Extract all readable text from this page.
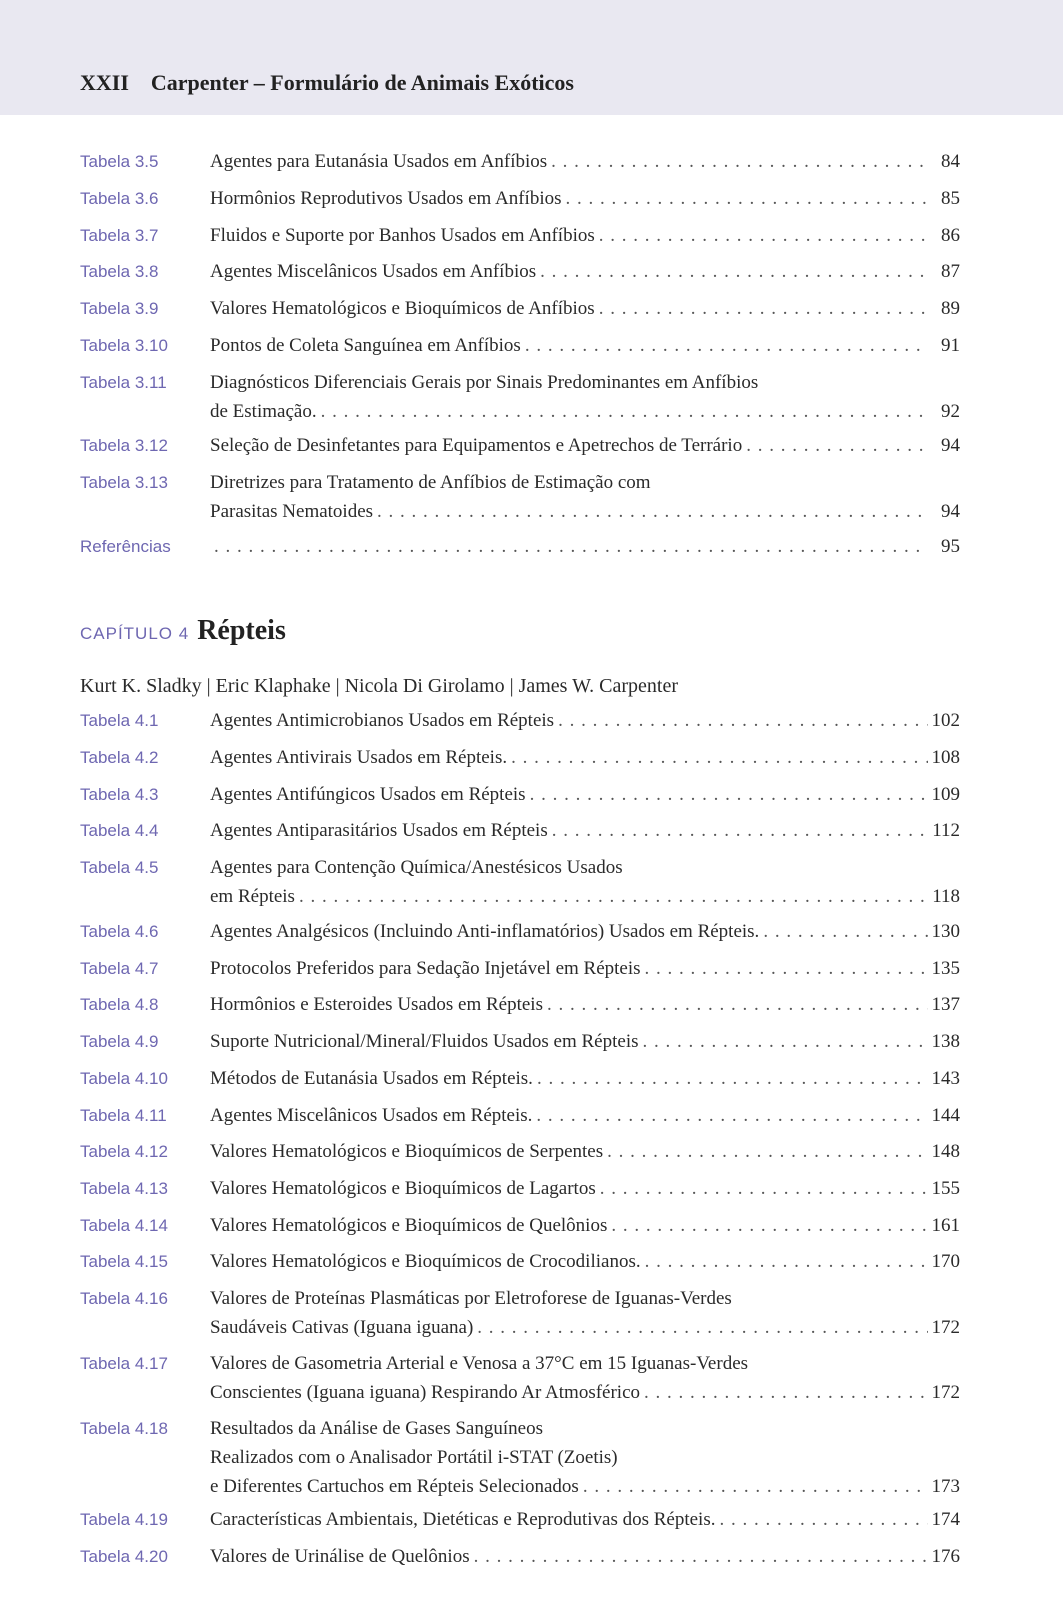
XXII Carpenter – Formulário de Animais Exóticos
Tabela 3.5	Agentes para Eutanásia Usados em Anfíbios . . .	84
Tabela 3.6	Hormônios Reprodutivos Usados em Anfíbios . . .	85
Tabela 3.7	Fluidos e Suporte por Banhos Usados em Anfíbios . . .	86
Tabela 3.8	Agentes Miscelânicos Usados em Anfíbios . . .	87
Tabela 3.9	Valores Hematológicos e Bioquímicos de Anfíbios . . .	89
Tabela 3.10	Pontos de Coleta Sanguínea em Anfíbios . . .	91
Tabela 3.11	Diagnósticos Diferenciais Gerais por Sinais Predominantes em Anfíbios
de Estimação. . . .	92
Tabela 3.12	Seleção de Desinfetantes para Equipamentos e Apetrechos de Terrário . . .	94
Tabela 3.13	Diretrizes para Tratamento de Anfíbios de Estimação com
Parasitas Nematoides . . .	94
Referências . . .	95
CAPÍTULO 4 Répteis
Kurt K. Sladky | Eric Klaphake | Nicola Di Girolamo | James W. Carpenter
Tabela 4.1	Agentes Antimicrobianos Usados em Répteis . . .	102
Tabela 4.2	Agentes Antivirais Usados em Répteis. . . .	108
Tabela 4.3	Agentes Antifúngicos Usados em Répteis . . .	109
Tabela 4.4	Agentes Antiparasitários Usados em Répteis . . .	112
Tabela 4.5	Agentes para Contenção Química/Anestésicos Usados
em Répteis . . .	118
Tabela 4.6	Agentes Analgésicos (Incluindo Anti-inflamatórios) Usados em Répteis. . . .	130
Tabela 4.7	Protocolos Preferidos para Sedação Injetável em Répteis . . .	135
Tabela 4.8	Hormônios e Esteroides Usados em Répteis . . .	137
Tabela 4.9	Suporte Nutricional/Mineral/Fluidos Usados em Répteis . . .	138
Tabela 4.10	Métodos de Eutanásia Usados em Répteis. . . .	143
Tabela 4.11	Agentes Miscelânicos Usados em Répteis. . . .	144
Tabela 4.12	Valores Hematológicos e Bioquímicos de Serpentes . . .	148
Tabela 4.13	Valores Hematológicos e Bioquímicos de Lagartos . . .	155
Tabela 4.14	Valores Hematológicos e Bioquímicos de Quelônios . . .	161
Tabela 4.15	Valores Hematológicos e Bioquímicos de Crocodilianos. . . .	170
Tabela 4.16	Valores de Proteínas Plasmáticas por Eletroforese de Iguanas-Verdes
Saudáveis Cativas (Iguana iguana) . . .	172
Tabela 4.17	Valores de Gasometria Arterial e Venosa a 37°C em 15 Iguanas-Verdes
Conscientes (Iguana iguana) Respirando Ar Atmosférico . . .	172
Tabela 4.18	Resultados da Análise de Gases Sanguíneos
Realizados com o Analisador Portátil i-STAT (Zoetis)
e Diferentes Cartuchos em Répteis Selecionados . . .	173
Tabela 4.19	Características Ambientais, Dietéticas e Reprodutivas dos Répteis. . . .	174
Tabela 4.20	Valores de Urinálise de Quelônios . . .	176
